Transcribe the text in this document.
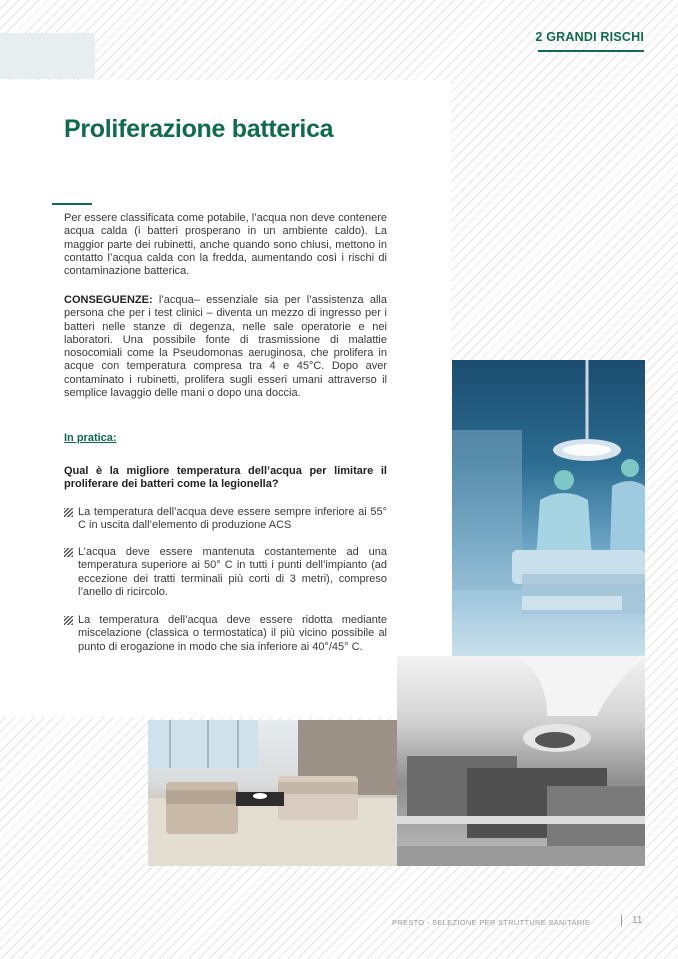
2 GRANDI RISCHI
Proliferazione batterica

Per essere classificata come potabile, l’acqua non deve contenere acqua calda (i batteri prosperano in un ambiente caldo). La maggior parte dei rubinetti, anche quando sono chiusi, mettono in contatto l’acqua calda con la fredda, aumentando così i rischi di contaminazione batterica.

CONSEGUENZE: l’acqua– essenziale sia per l’assistenza alla persona che per i test clinici – diventa un mezzo di ingresso per i batteri nelle stanze di degenza, nelle sale operatorie e nei laboratori. Una possibile fonte di trasmissione di malattie nosocomiali come la Pseudomonas aeruginosa, che prolifera in acque con temperatura compresa tra 4 e 45°C. Dopo aver contaminato i rubinetti, prolifera sugli esseri umani attraverso il semplice lavaggio delle mani o dopo una doccia.

In pratica:

Qual è la migliore temperatura dell’acqua per limitare il proliferare dei batteri come la legionella?

La temperatura dell’acqua deve essere sempre inferiore ai 55° C in uscita dall’elemento di produzione ACS
L’acqua deve essere mantenuta costantemente ad una temperatura superiore ai 50° C in tutti i punti dell’impianto (ad eccezione dei tratti terminali più corti di 3 metri), compreso l’anello di ricircolo.
La temperatura dell’acqua deve essere ridotta mediante miscelazione (classica o termostatica) il più vicino possibile al punto di erogazione in modo che sia inferiore ai 40°/45° C.
PRESTO - SELEZIONE PER STRUTTURE SANITARIE	11
